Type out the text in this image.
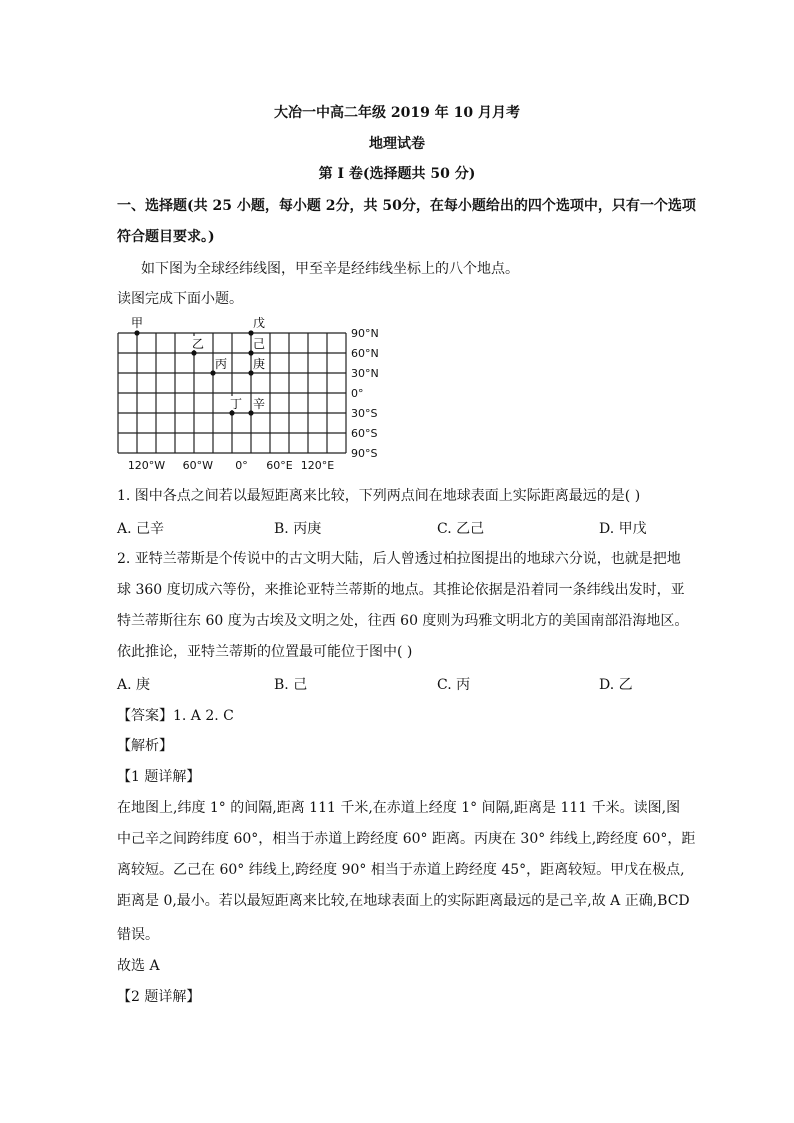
大冶一中高二年级 2019 年 10 月月考
地理试卷
第 I 卷(选择题共 50 分)
一、选择题(共 25 小题，每小题 2分，共 50分，在每小题给出的四个选项中，只有一个选项
符合题目要求。)
如下图为全球经纬线图，甲至辛是经纬线坐标上的八个地点。
读图完成下面小题。
90°N
60°N
30°N
0°
30°S
60°S
90°S
120°W 60°W 0° 60°E 120°E
甲
乙
丙
丁
戊
己
庚
辛
1. 图中各点之间若以最短距离来比较，下列两点间在地球表面上实际距离最远的是( )
A. 己辛	B. 丙庚	C. 乙己	D. 甲戊
2. 亚特兰蒂斯是个传说中的古文明大陆，后人曾透过柏拉图提出的地球六分说，也就是把地
球 360 度切成六等份，来推论亚特兰蒂斯的地点。其推论依据是沿着同一条纬线出发时，亚
特兰蒂斯往东 60 度为古埃及文明之处，往西 60 度则为玛雅文明北方的美国南部沿海地区。
依此推论，亚特兰蒂斯的位置最可能位于图中( )
A. 庚	B. 己	C. 丙	D. 乙
【答案】1. A 2. C
【解析】
【1 题详解】
在地图上,纬度 1° 的间隔,距离 111 千米,在赤道上经度 1° 间隔,距离是 111 千米。读图,图
中己辛之间跨纬度 60°，相当于赤道上跨经度 60° 距离。丙庚在 30° 纬线上,跨经度 60°，距
离较短。乙己在 60° 纬线上,跨经度 90° 相当于赤道上跨经度 45°，距离较短。甲戊在极点,
距离是 0,最小。若以最短距离来比较,在地球表面上的实际距离最远的是己辛,故 A 正确,BCD
错误。
故选 A
【2 题详解】
